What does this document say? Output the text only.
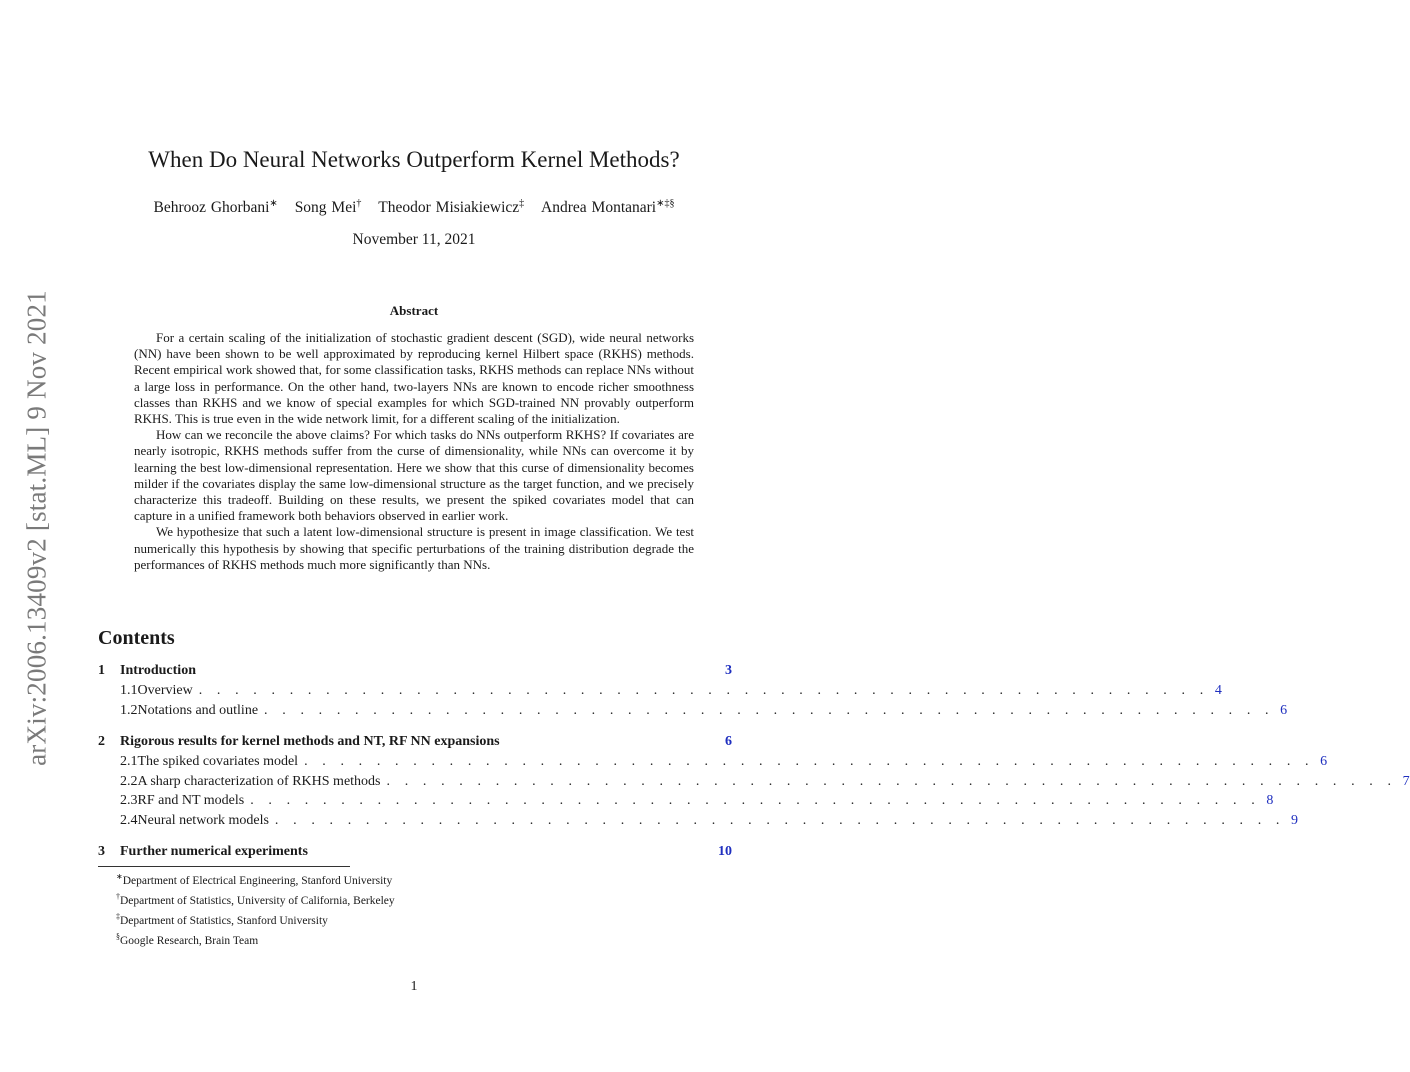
arXiv:2006.13409v2 [stat.ML] 9 Nov 2021
When Do Neural Networks Outperform Kernel Methods?
Behrooz Ghorbani∗ Song Mei† Theodor Misiakiewicz‡ Andrea Montanari∗‡§
November 11, 2021
Abstract

For a certain scaling of the initialization of stochastic gradient descent (SGD), wide neural networks (NN) have been shown to be well approximated by reproducing kernel Hilbert space (RKHS) methods. Recent empirical work showed that, for some classification tasks, RKHS methods can replace NNs without a large loss in performance. On the other hand, two-layers NNs are known to encode richer smoothness classes than RKHS and we know of special examples for which SGD-trained NN provably outperform RKHS. This is true even in the wide network limit, for a different scaling of the initialization.

How can we reconcile the above claims? For which tasks do NNs outperform RKHS? If covariates are nearly isotropic, RKHS methods suffer from the curse of dimensionality, while NNs can overcome it by learning the best low-dimensional representation. Here we show that this curse of dimensionality becomes milder if the covariates display the same low-dimensional structure as the target function, and we precisely characterize this tradeoff. Building on these results, we present the spiked covariates model that can capture in a unified framework both behaviors observed in earlier work.

We hypothesize that such a latent low-dimensional structure is present in image classification. We test numerically this hypothesis by showing that specific perturbations of the training distribution degrade the performances of RKHS methods much more significantly than NNs.

Contents
1	Introduction	3
1.1 Overview . . . . . . . . . . . . . . . . . . . . . . . . . . . . . . . . . . . . . . . . . . . . . . . . . . . . . . . . 4
1.2 Notations and outline . . . . . . . . . . . . . . . . . . . . . . . . . . . . . . . . . . . . . . . . . . . . . . . . . . . . . . . . 6
2	Rigorous results for kernel methods and NT, RF NN expansions	6
2.1 The spiked covariates model . . . . . . . . . . . . . . . . . . . . . . . . . . . . . . . . . . . . . . . . . . . . . . . . . . . . . . . . 6
2.2 A sharp characterization of RKHS methods . . . . . . . . . . . . . . . . . . . . . . . . . . . . . . . . . . . . . . . . . . . . . . . . . . . . . . . . 7
2.3 RF and NT models . . . . . . . . . . . . . . . . . . . . . . . . . . . . . . . . . . . . . . . . . . . . . . . . . . . . . . . . 8
2.4 Neural network models . . . . . . . . . . . . . . . . . . . . . . . . . . . . . . . . . . . . . . . . . . . . . . . . . . . . . . . . 9
3	Further numerical experiments	10
∗Department of Electrical Engineering, Stanford University
†Department of Statistics, University of California, Berkeley
‡Department of Statistics, Stanford University
§Google Research, Brain Team
1
